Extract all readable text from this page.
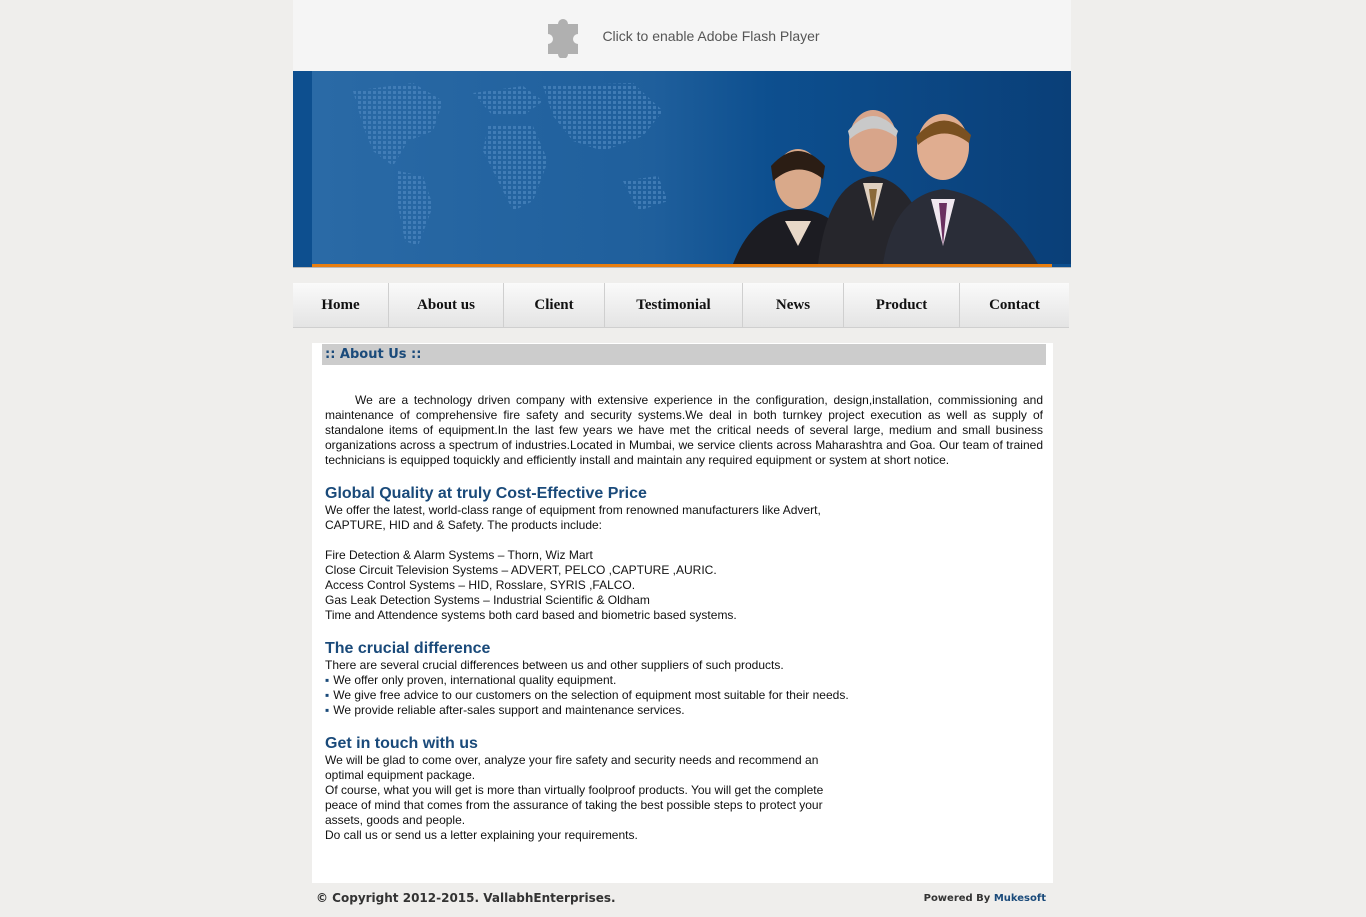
Click to enable Adobe Flash Player
Home	About us	Client	Testimonial	News	Product	Contact
:: About Us ::

We are a technology driven company with extensive experience in the configuration, design,installation, commissioning and maintenance of comprehensive fire safety and security systems.We deal in both turnkey project execution as well as supply of standalone items of equipment.In the last few years we have met the critical needs of several large, medium and small business organizations across a spectrum of industries.Located in Mumbai, we service clients across Maharashtra and Goa. Our team of trained technicians is equipped toquickly and efficiently install and maintain any required equipment or system at short notice.

Global Quality at truly Cost-Effective Price

We offer the latest, world-class range of equipment from renowned manufacturers like Advert,

CAPTURE, HID and & Safety. The products include:

Fire Detection & Alarm Systems – Thorn, Wiz Mart

Close Circuit Television Systems – ADVERT, PELCO ,CAPTURE ,AURIC.

Access Control Systems – HID, Rosslare, SYRIS ,FALCO.

Gas Leak Detection Systems – Industrial Scientific & Oldham

Time and Attendence systems both card based and biometric based systems.

The crucial difference

There are several crucial differences between us and other suppliers of such products.

▪ We offer only proven, international quality equipment.

▪ We give free advice to our customers on the selection of equipment most suitable for their needs.

▪ We provide reliable after-sales support and maintenance services.

Get in touch with us

We will be glad to come over, analyze your fire safety and security needs and recommend an

optimal equipment package.

Of course, what you will get is more than virtually foolproof products. You will get the complete

peace of mind that comes from the assurance of taking the best possible steps to protect your

assets, goods and people.

Do call us or send us a letter explaining your requirements.

© Copyright 2012-2015. VallabhEnterprises.	Powered By Mukesoft
